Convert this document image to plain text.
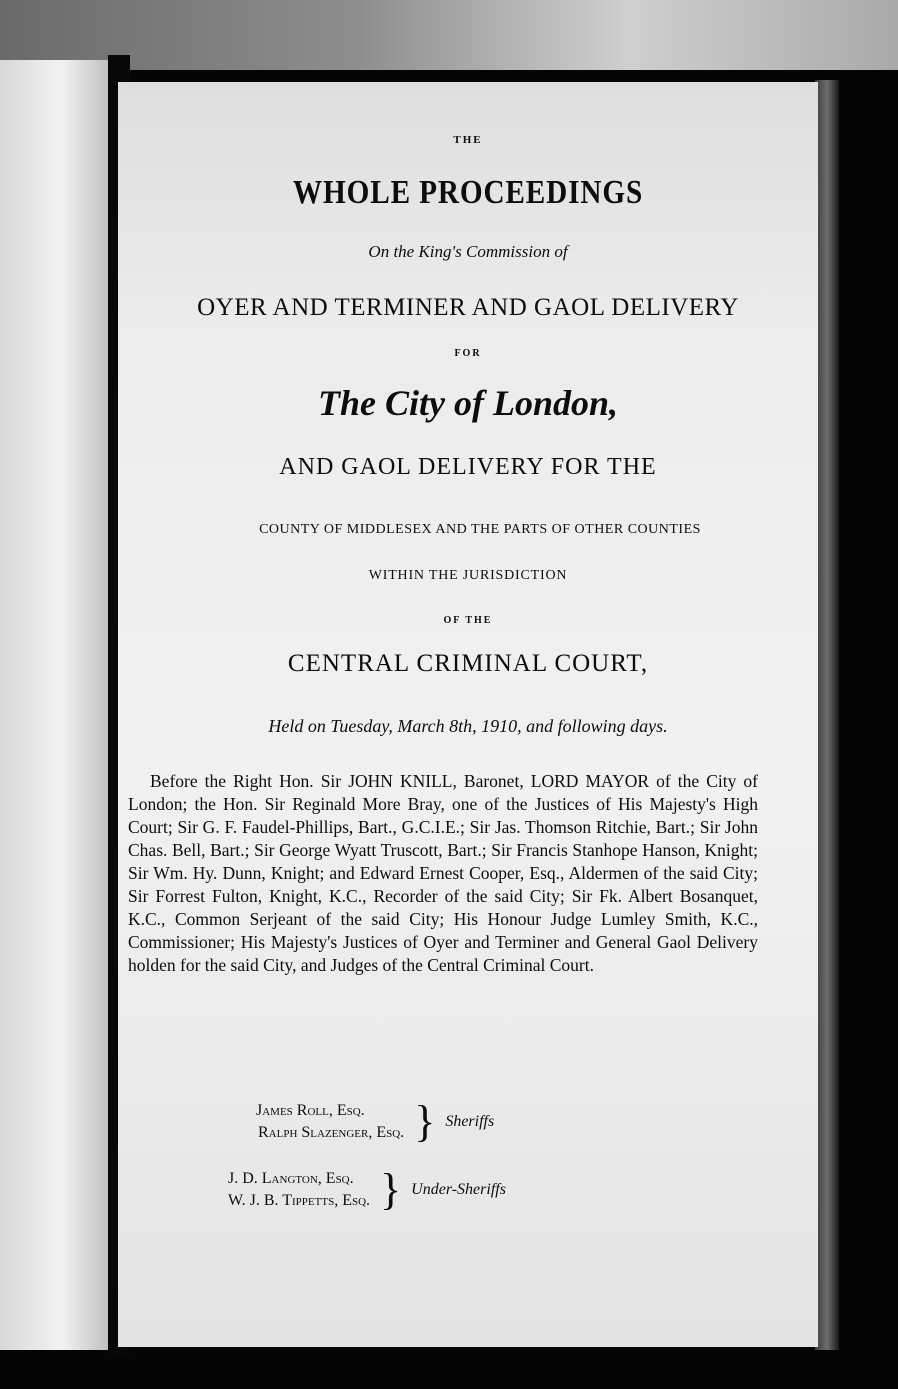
THE
WHOLE PROCEEDINGS
On the King's Commission of
OYER AND TERMINER AND GAOL DELIVERY
FOR
The City of London,
AND GAOL DELIVERY FOR THE
COUNTY OF MIDDLESEX AND THE PARTS OF OTHER COUNTIES
WITHIN THE JURISDICTION
OF THE
CENTRAL CRIMINAL COURT,
Held on Tuesday, March 8th, 1910, and following days.
Before the Right Hon. Sir JOHN KNILL, Baronet, LORD MAYOR of the City of London; the Hon. Sir Reginald More Bray, one of the Justices of His Majesty's High Court; Sir G. F. Faudel-Phillips, Bart., G.C.I.E.; Sir Jas. Thomson Ritchie, Bart.; Sir John Chas. Bell, Bart.; Sir George Wyatt Truscott, Bart.; Sir Francis Stanhope Hanson, Knight; Sir Wm. Hy. Dunn, Knight; and Edward Ernest Cooper, Esq., Aldermen of the said City; Sir Forrest Fulton, Knight, K.C., Recorder of the said City; Sir Fk. Albert Bosanquet, K.C., Common Serjeant of the said City; His Honour Judge Lumley Smith, K.C., Commissioner; His Majesty's Justices of Oyer and Terminer and General Gaol Delivery holden for the said City, and Judges of the Central Criminal Court.
James Roll, Esq.
Ralph Slazenger, Esq. } Sheriffs
J. D. Langton, Esq.
W. J. B. Tippetts, Esq. } Under-Sheriffs
